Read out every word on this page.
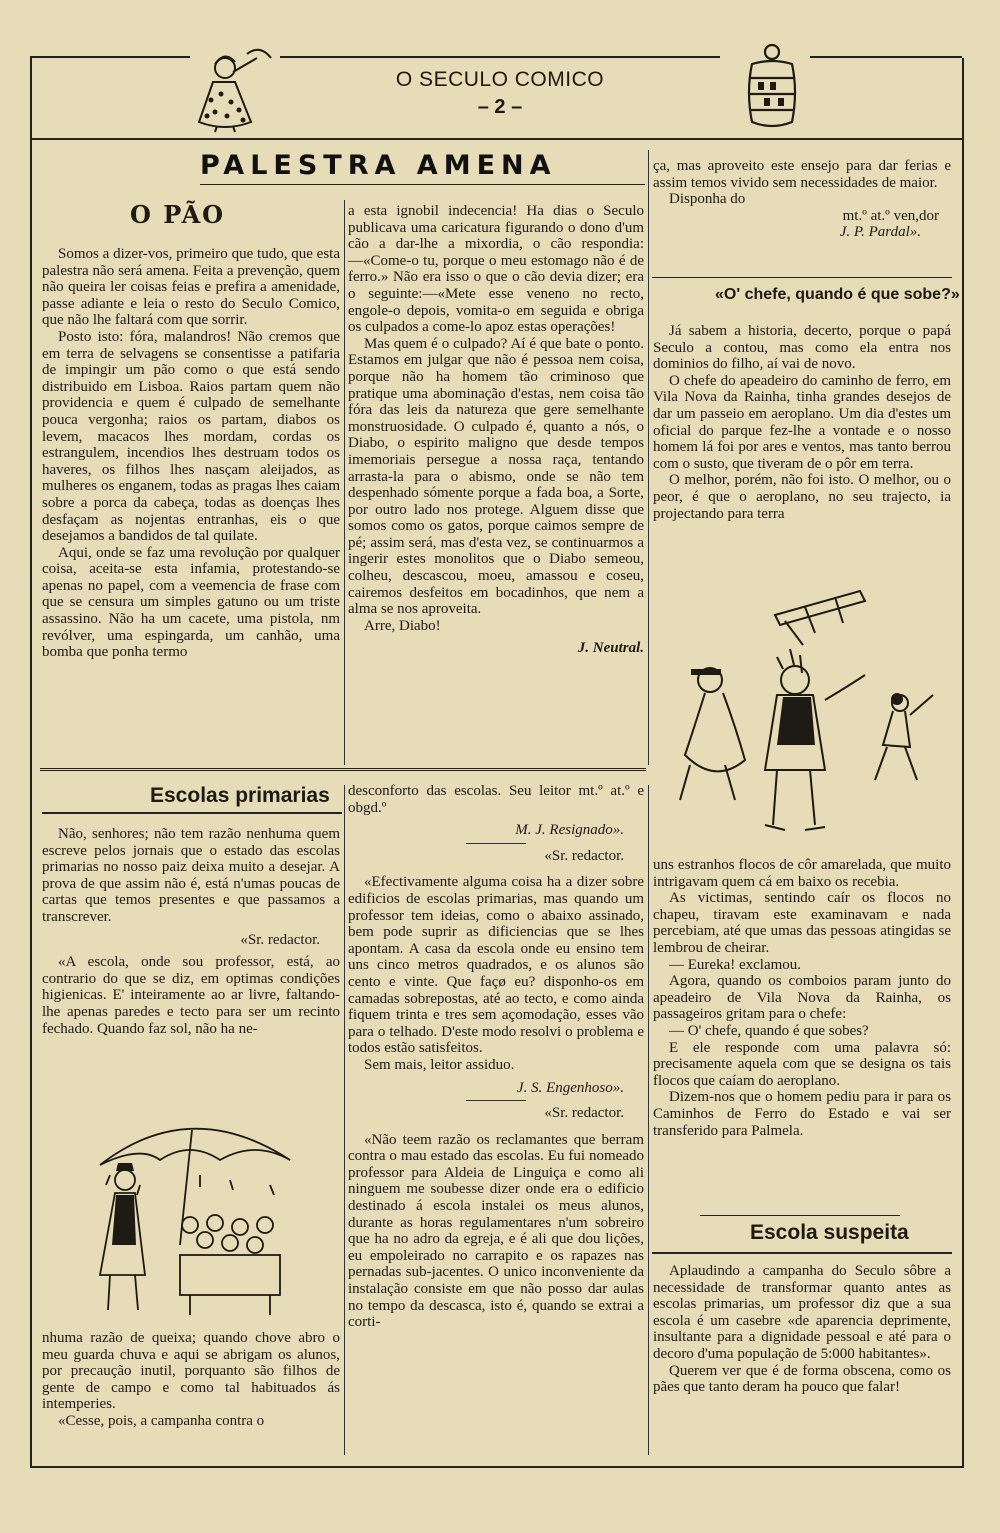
O SECULO COMICO
– 2 –
PALESTRA AMENA
O PÃO

Somos a dizer-vos, primeiro que tudo, que esta palestra não será amena. Feita a prevenção, quem não queira ler coisas feias e prefira a amenidade, passe adiante e leia o resto do Seculo Comico, que não lhe faltará com que sorrir.

Posto isto: fóra, malandros! Não cremos que em terra de selvagens se consentisse a patifaria de impingir um pão como o que está sendo distribuido em Lisboa. Raios partam quem não providencia e quem é culpado de semelhante pouca vergonha; raios os partam, diabos os levem, macacos lhes mordam, cordas os estrangulem, incendios lhes destruam todos os haveres, os filhos lhes nasçam aleijados, as mulheres os enganem, todas as pragas lhes caiam sobre a porca da cabeça, todas as doenças lhes desfaçam as nojentas entranhas, eis o que desejamos a bandidos de tal quilate.

Aqui, onde se faz uma revolução por qualquer coisa, aceita-se esta infamia, protestando-se apenas no papel, com a veemencia de frase com que se censura um simples gatuno ou um triste assassino. Não ha um cacete, uma pistola, nm revólver, uma espingarda, um canhão, uma bomba que ponha termo

a esta ignobil indecencia! Ha dias o Seculo publicava uma caricatura figurando o dono d'um cão a dar-lhe a mixordia, o cão respondia:—«Come-o tu, porque o meu estomago não é de ferro.» Não era isso o que o cão devia dizer; era o seguinte:—«Mete esse veneno no recto, engole-o depois, vomita-o em seguida e obriga os culpados a come-lo apoz estas operações!

Mas quem é o culpado? Aí é que bate o ponto. Estamos em julgar que não é pessoa nem coisa, porque não ha homem tão criminoso que pratique uma abominação d'estas, nem coisa tão fóra das leis da natureza que gere semelhante monstruosidade. O culpado é, quanto a nós, o Diabo, o espirito maligno que desde tempos imemoriais persegue a nossa raça, tentando arrasta-la para o abismo, onde se não tem despenhado sómente porque a fada boa, a Sorte, por outro lado nos protege. Alguem disse que somos como os gatos, porque caimos sempre de pé; assim será, mas d'esta vez, se continuarmos a ingerir estes monolitos que o Diabo semeou, colheu, descascou, moeu, amassou e coseu, cairemos desfeitos em bocadinhos, que nem a alma se nos aproveita.

Arre, Diabo!

J. Neutral.

ça, mas aproveito este ensejo para dar ferias e assim temos vivido sem necessidades de maior.

Disponha do

mt.º at.º ven,dor

J. P. Pardal».

«O' chefe, quando é que sobe?»

Já sabem a historia, decerto, porque o papá Seculo a contou, mas como ela entra nos dominios do filho, aí vai de novo.

O chefe do apeadeiro do caminho de ferro, em Vila Nova da Rainha, tinha grandes desejos de dar um passeio em aeroplano. Um dia d'estes um oficial do parque fez-lhe a vontade e o nosso homem lá foi por ares e ventos, mas tanto berrou com o susto, que tiveram de o pôr em terra.

O melhor, porém, não foi isto. O melhor, ou o peor, é que o aeroplano, no seu trajecto, ia projectando para terra

uns estranhos flocos de côr amarelada, que muito intrigavam quem cá em baixo os recebia.

As victimas, sentindo caír os flocos no chapeu, tiravam este examinavam e nada percebiam, até que umas das pessoas atingidas se lembrou de cheirar.

— Eureka! exclamou.

Agora, quando os comboios param junto do apeadeiro de Vila Nova da Rainha, os passageiros gritam para o chefe:

— O' chefe, quando é que sobes?

E ele responde com uma palavra só: precisamente aquela com que se designa os tais flocos que caíam do aeroplano.

Dizem-nos que o homem pediu para ir para os Caminhos de Ferro do Estado e vai ser transferido para Palmela.

Escola suspeita

Aplaudindo a campanha do Seculo sôbre a necessidade de transformar quanto antes as escolas primarias, um professor diz que a sua escola é um casebre «de aparencia deprimente, insultante para a dignidade pessoal e até para o decoro d'uma população de 5:000 habitantes».

Querem ver que é de forma obscena, como os pães que tanto deram ha pouco que falar!

Escolas primarias

Não, senhores; não tem razão nenhuma quem escreve pelos jornais que o estado das escolas primarias no nosso paiz deixa muito a desejar. A prova de que assim não é, está n'umas poucas de cartas que temos presentes e que passamos a transcrever.

«Sr. redactor.

«A escola, onde sou professor, está, ao contrario do que se diz, em optimas condições higienicas. E' inteiramente ao ar livre, faltando-lhe apenas paredes e tecto para ser um recinto fechado. Quando faz sol, não ha ne-

nhuma razão de queixa; quando chove abro o meu guarda chuva e aqui se abrigam os alunos, por precaução inutil, porquanto são filhos de gente de campo e como tal habituados ás intemperies.

«Cesse, pois, a campanha contra o

desconforto das escolas. Seu leitor mt.º at.º e obgd.º

M. J. Resignado».

«Sr. redactor.

«Efectivamente alguma coisa ha a dizer sobre edificios de escolas primarias, mas quando um professor tem ideias, como o abaixo assinado, bem pode suprir as dificiencias que se lhes apontam. A casa da escola onde eu ensino tem uns cinco metros quadrados, e os alunos são cento e vinte. Que façø eu? disponho-os em camadas sobrepostas, até ao tecto, e como ainda fiquem trinta e tres sem açomodação, esses vão para o telhado. D'este modo resolvi o problema e todos estão satisfeitos.

Sem mais, leitor assiduo.

J. S. Engenhoso».

«Sr. redactor.

«Não teem razão os reclamantes que berram contra o mau estado das escolas. Eu fui nomeado professor para Aldeia de Linguiça e como ali ninguem me soubesse dizer onde era o edificio destinado á escola instalei os meus alunos, durante as horas regulamentares n'um sobreiro que ha no adro da egreja, e é ali que dou lições, eu empoleirado no carrapito e os rapazes nas pernadas sub-jacentes. O unico inconveniente da instalação consiste em que não posso dar aulas no tempo da descasca, isto é, quando se extrai a corti-
